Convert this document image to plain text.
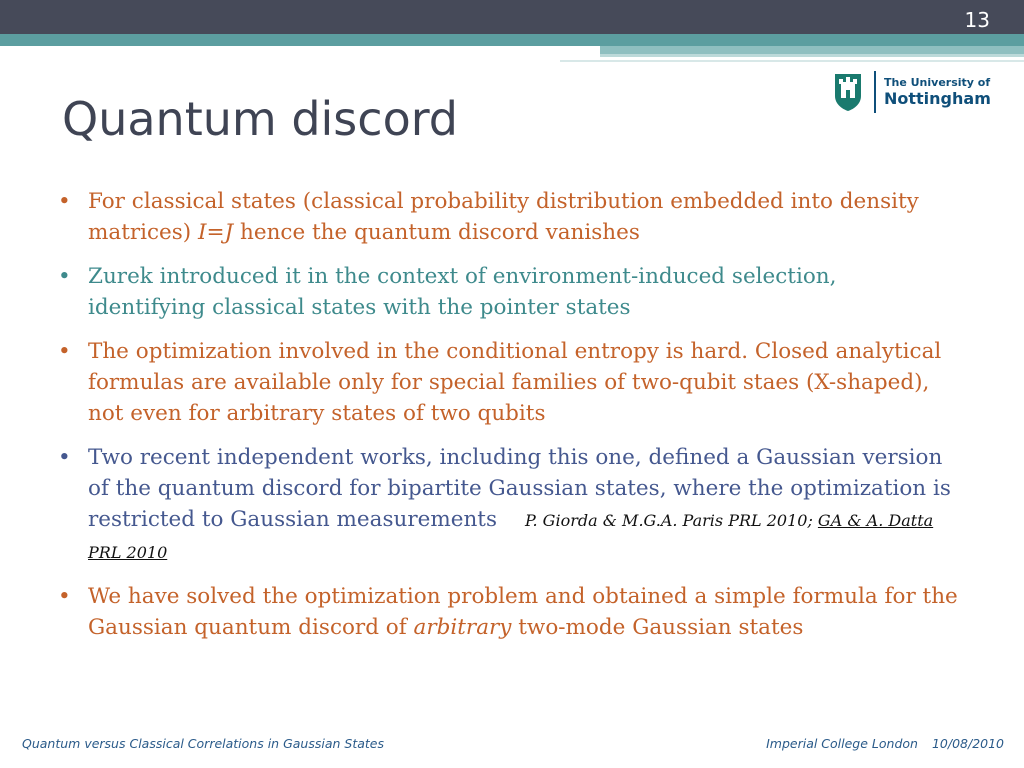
13
The University of
Nottingham
Quantum discord
• For classical states (classical probability distribution embedded into density matrices) I=J hence the quantum discord vanishes
• Zurek introduced it in the context of environment-induced selection, identifying classical states with the pointer states
• The optimization involved in the conditional entropy is hard. Closed analytical formulas are available only for special families of two-qubit staes (X-shaped), not even for arbitrary states of two qubits
• Two recent independent works, including this one, defined a Gaussian version of the quantum discord for bipartite Gaussian states, where the optimization is restricted to Gaussian measurements P. Giorda & M.G.A. Paris PRL 2010; GA & A. Datta PRL 2010
• We have solved the optimization problem and obtained a simple formula for the Gaussian quantum discord of arbitrary two-mode Gaussian states
Quantum versus Classical Correlations in Gaussian States	Imperial College London 10/08/2010
